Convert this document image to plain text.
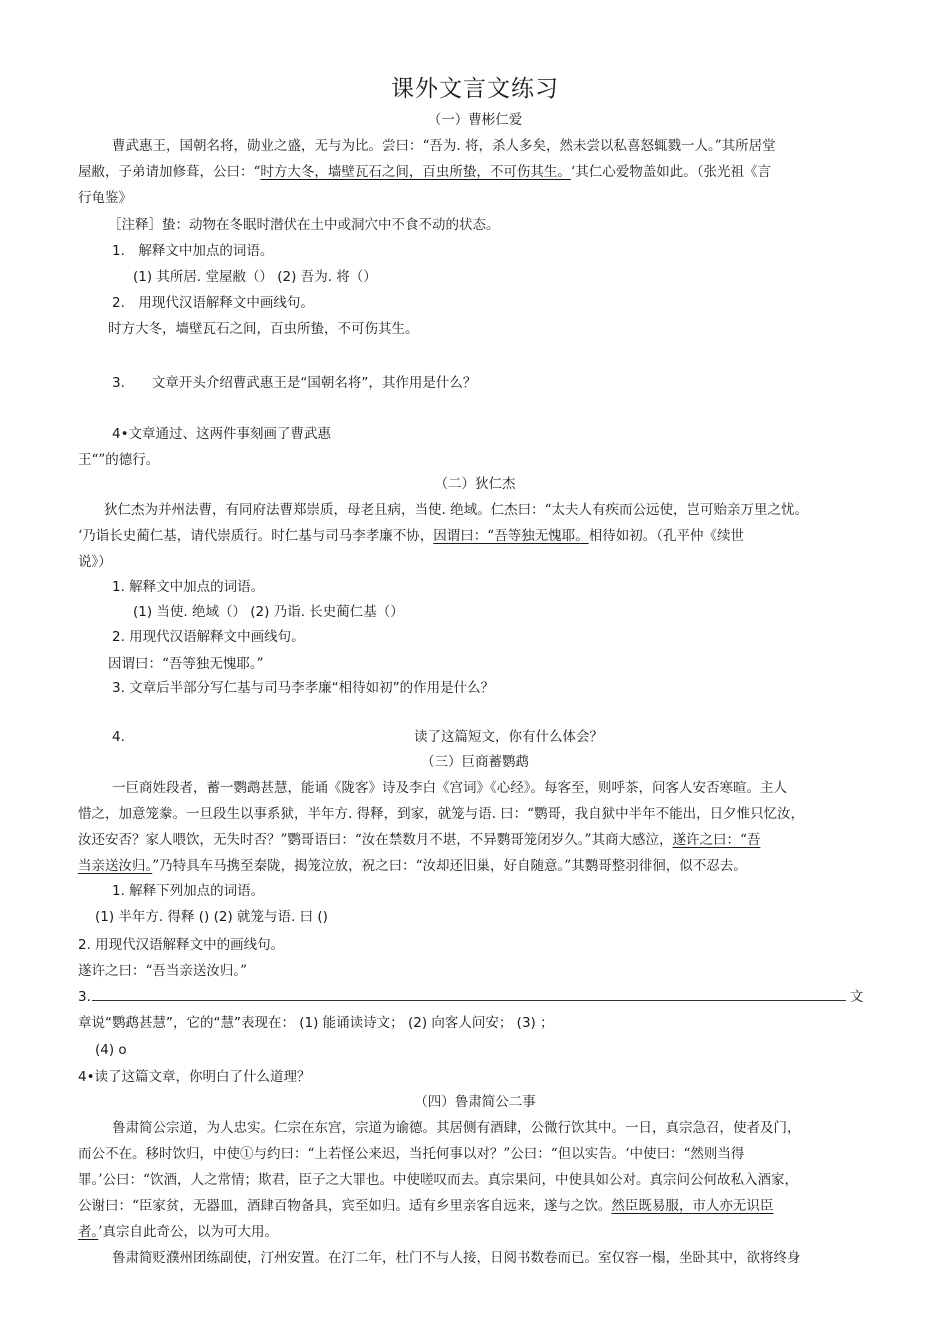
课外文言文练习
（一）曹彬仁爱
曹武惠王，国朝名将，勋业之盛，无与为比。尝曰：“吾为. 将，杀人多矣，然未尝以私喜怒辄戮一人。”其所居堂
屋敝，子弟请加修葺，公曰：“时方大冬，墙壁瓦石之间，百虫所蛰，不可伤其生。‘其仁心爱物盖如此。（张光祖《言
行龟鉴》
［注释］蛰：动物在冬眠时潜伏在土中或洞穴中不食不动的状态。
1.　解释文中加点的词语。
(1) 其所居. 堂屋敝（） (2) 吾为. 将（）
2.　用现代汉语解释文中画线句。
时方大冬，墙壁瓦石之间，百虫所蛰，不可伤其生。
3.　　文章开头介绍曹武惠王是“国朝名将”，其作用是什么？
4•文章通过、这两件事刻画了曹武惠
王“”的德行。
（二）狄仁杰
狄仁杰为并州法曹，有同府法曹郑崇质，母老且病，当使. 绝域。仁杰曰：“太夫人有疾而公远使，岂可贻亲万里之忧。
‘乃诣长史蔺仁基，请代崇质行。时仁基与司马李孝廉不协，因谓曰：“吾等独无愧耶。相待如初。（孔平仲《续世
说》）
1. 解释文中加点的词语。
(1) 当使. 绝域（） (2) 乃诣. 长史蔺仁基（）
2. 用现代汉语解释文中画线句。
因谓曰：“吾等独无愧耶。”
3. 文章后半部分写仁基与司马李孝廉“相待如初”的作用是什么？
4.	读了这篇短文，你有什么体会？
（三）巨商蓄鹦鹉
一巨商姓段者，蓄一鹦鹉甚慧，能诵《陇客》诗及李白《宫词》《心经》。每客至，则呼茶，问客人安否寒暄。主人
惜之，加意笼豢。一旦段生以事系狱，半年方. 得释，到家，就笼与语. 曰：“鹦哥，我自狱中半年不能出，日夕惟只忆汝，
汝还安否？家人喂饮，无失时否？”鹦哥语曰：“汝在禁数月不堪，不异鹦哥笼闭岁久。”其商大感泣，遂许之曰：“吾
当亲送汝归。”乃特具车马携至秦陇，揭笼泣放，祝之曰：“汝却还旧巢，好自随意。”其鹦哥整羽徘徊，似不忍去。
1. 解释下列加点的词语。
(1) 半年方. 得释 () (2) 就笼与语. 曰 ()
2. 用现代汉语解释文中的画线句。
遂许之曰：“吾当亲送汝归。”
3.	文
章说“鹦鹉甚慧”，它的“慧”表现在： (1) 能诵读诗文； (2) 向客人问安； (3) ；
(4) o
4•读了这篇文章，你明白了什么道理？
（四）鲁肃简公二事
鲁肃简公宗道，为人忠实。仁宗在东宫，宗道为谕德。其居侧有酒肆，公微行饮其中。一日，真宗急召，使者及门，
而公不在。移时饮归，中使①与约曰：“上若怪公来迟，当托何事以对？”公曰：“但以实告。‘中使曰：“然则当得
罪。’公曰：“饮酒，人之常情；欺君，臣子之大罪也。中使嗟叹而去。真宗果问，中使具如公对。真宗问公何故私入酒家，
公谢曰：“臣家贫，无器皿，酒肆百物备具，宾至如归。适有乡里亲客自远来，遂与之饮。然臣既易服，市人亦无识臣
者。’真宗自此奇公，以为可大用。
鲁肃简贬濮州团练副使，汀州安置。在汀二年，杜门不与人接，日阅书数卷而已。室仅容一榻，坐卧其中，欲将终身
